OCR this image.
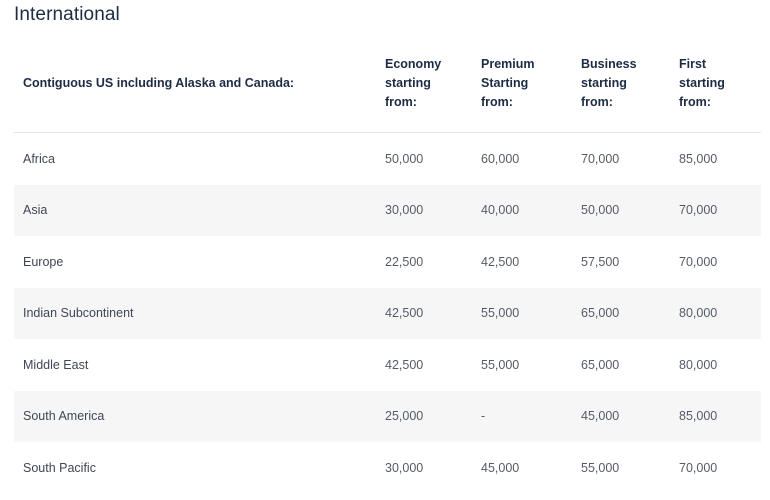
International
Contiguous US including Alaska and Canada:	Economy
starting
from:	Premium
Starting
from:	Business
starting
from:	First
starting
from:

Africa	50,000	60,000	70,000	85,000
Asia	30,000	40,000	50,000	70,000
Europe	22,500	42,500	57,500	70,000
Indian Subcontinent	42,500	55,000	65,000	80,000
Middle East	42,500	55,000	65,000	80,000
South America	25,000	-	45,000	85,000
South Pacific	30,000	45,000	55,000	70,000
